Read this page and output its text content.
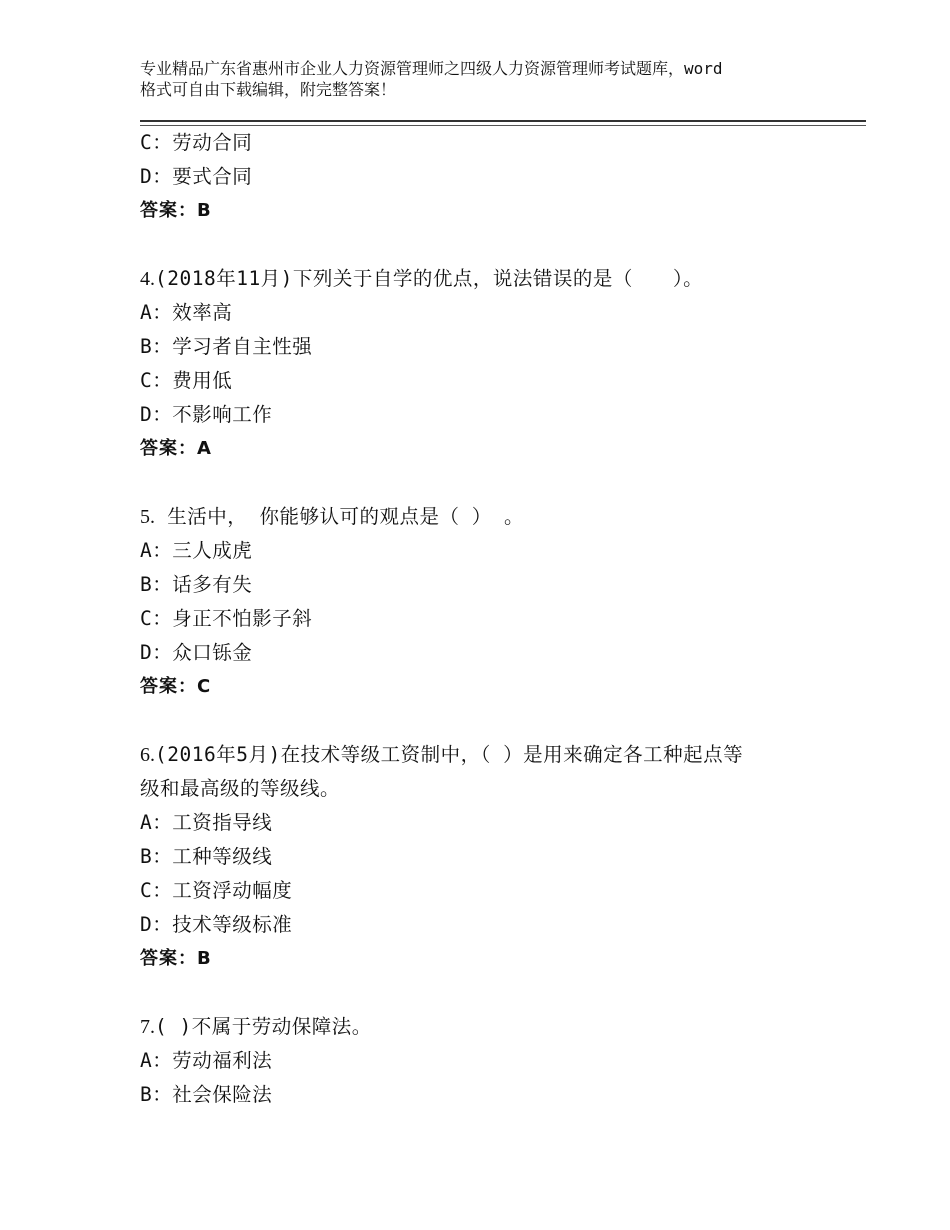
专业精品广东省惠州市企业人力资源管理师之四级人力资源管理师考试题库，word
格式可自由下载编辑，附完整答案！
C：劳动合同
D：要式合同
答案：B
4.(2018年11月)下列关于自学的优点，说法错误的是（　　）。
A：效率高
B：学习者自主性强
C：费用低
D：不影响工作
答案：A
5. 生活中， 你能够认可的观点是（ ） 。
A：三人成虎
B：话多有失
C：身正不怕影子斜
D：众口铄金
答案：C
6.(2016年5月)在技术等级工资制中，（ ）是用来确定各工种起点等
级和最高级的等级线。
A：工资指导线
B：工种等级线
C：工资浮动幅度
D：技术等级标准
答案：B
7.( )不属于劳动保障法。
A：劳动福利法
B：社会保险法
